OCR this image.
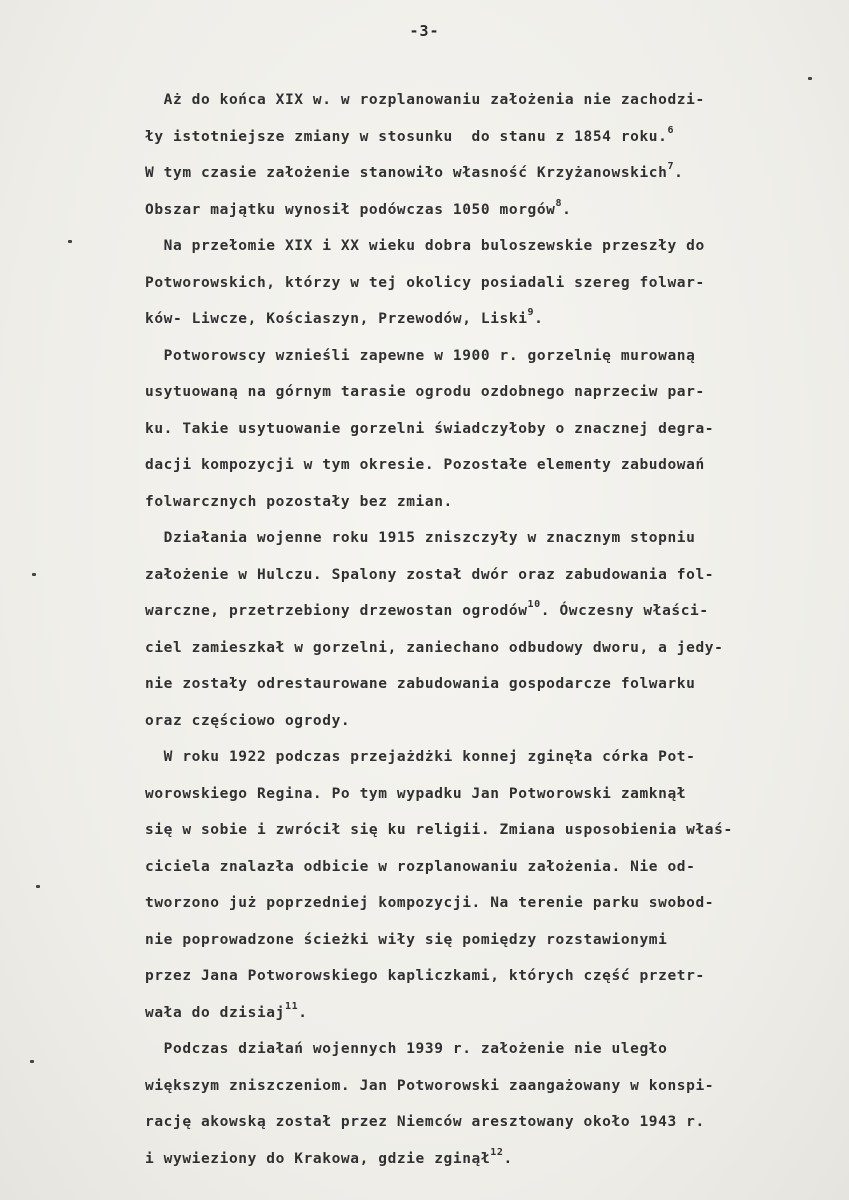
-3-
Aż do końca XIX w. w rozplanowaniu założenia nie zachodzi-
ły istotniejsze zmiany w stosunku  do stanu z 1854 roku.$^6$
W tym czasie założenie stanowiło własność Krzyżanowskich$^7$.
Obszar majątku wynosił podówczas 1050 morgów$^8$.
Na przełomie XIX i XX wieku dobra buloszewskie przeszły do
Potworowskich, którzy w tej okolicy posiadali szereg folwar-
ków- Liwcze, Kościaszyn, Przewodów, Liski$^9$.
Potworowscy wznieśli zapewne w 1900 r. gorzelnię murowaną
usytuowaną na górnym tarasie ogrodu ozdobnego naprzeciw par-
ku. Takie usytuowanie gorzelni świadczyłoby o znacznej degra-
dacji kompozycji w tym okresie. Pozostałe elementy zabudowań
folwarcznych pozostały bez zmian.
Działania wojenne roku 1915 zniszczyły w znacznym stopniu
założenie w Hulczu. Spalony został dwór oraz zabudowania fol-
warczne, przetrzebiony drzewostan ogrodów$^{10}$. Ówczesny właści-
ciel zamieszkał w gorzelni, zaniechano odbudowy dworu, a jedy-
nie zostały odrestaurowane zabudowania gospodarcze folwarku
oraz częściowo ogrody.
W roku 1922 podczas przejażdżki konnej zginęła córka Pot-
worowskiego Regina. Po tym wypadku Jan Potworowski zamknął
się w sobie i zwrócił się ku religii. Zmiana usposobienia właś-
ciciela znalazła odbicie w rozplanowaniu założenia. Nie od-
tworzono już poprzedniej kompozycji. Na terenie parku swobod-
nie poprowadzone ścieżki wiły się pomiędzy rozstawionymi
przez Jana Potworowskiego kapliczkami, których część przetr-
wała do dzisiaj$^{11}$.
Podczas działań wojennych 1939 r. założenie nie uległo
większym zniszczeniom. Jan Potworowski zaangażowany w konspi-
rację akowską został przez Niemców aresztowany około 1943 r.
i wywieziony do Krakowa, gdzie zginął$^{12}$.
